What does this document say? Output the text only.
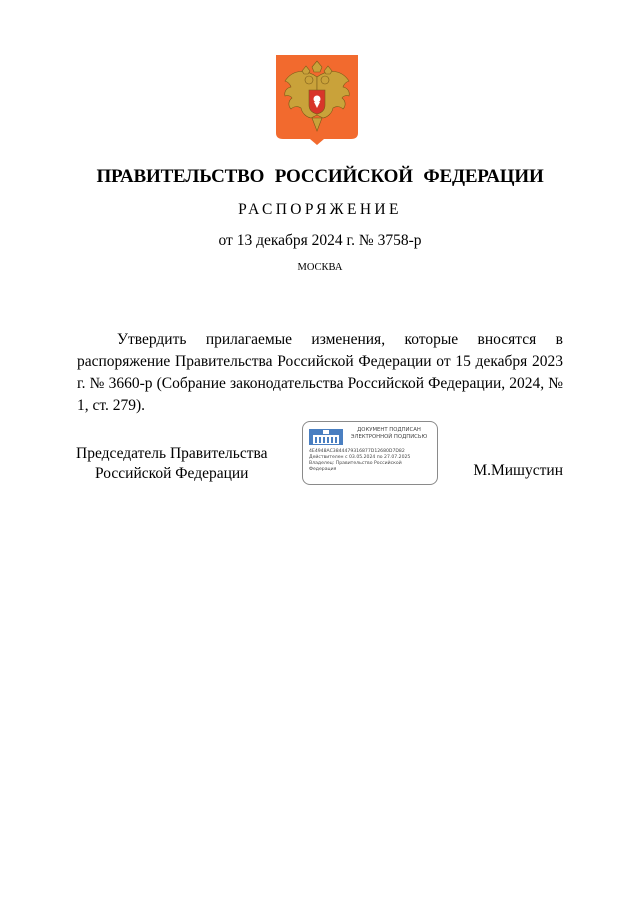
ПРАВИТЕЛЬСТВО РОССИЙСКОЙ ФЕДЕРАЦИИ
РАСПОРЯЖЕНИЕ
от 13 декабря 2024 г. № 3758-р
МОСКВА
Утвердить прилагаемые изменения, которые вносятся в распоряжение Правительства Российской Федерации от 15 декабря 2023 г. № 3660-р (Собрание законодательства Российской Федерации, 2024, № 1, ст. 279).
Председатель Правительства
Российской Федерации
ДОКУМЕНТ ПОДПИСАН
ЭЛЕКТРОННОЙ ПОДПИСЬЮ
4E4948AC3844479316877D12680D7D82
Действителен с 03.05.2024 по 27.07.2025
Владелец: Правительство Российской
Федерация	М.Мишустин
